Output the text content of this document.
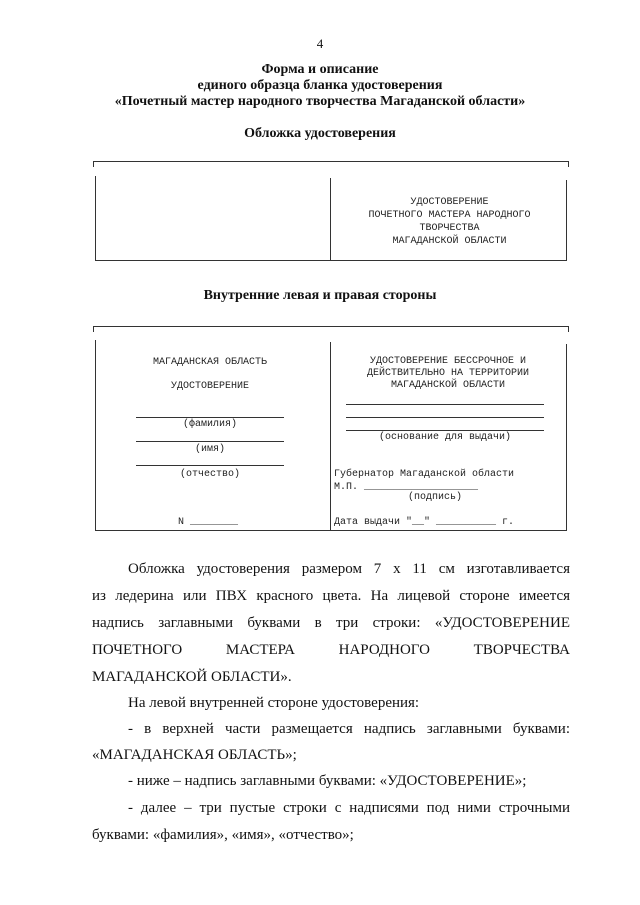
4
Форма и описание
единого образца бланка удостоверения
«Почетный мастер народного творчества Магаданской области»
Обложка удостоверения
УДОСТОВЕРЕНИЕ
ПОЧЕТНОГО МАСТЕРА НАРОДНОГО
ТВОРЧЕСТВА
МАГАДАНСКОЙ ОБЛАСТИ
Внутренние левая и правая стороны
МАГАДАНСКАЯ ОБЛАСТЬ
УДОСТОВЕРЕНИЕ
(фамилия)
(имя)
(отчество)
N ________
УДОСТОВЕРЕНИЕ БЕССРОЧНОЕ И
ДЕЙСТВИТЕЛЬНО НА ТЕРРИТОРИИ
МАГАДАНСКОЙ ОБЛАСТИ
(основание для выдачи)
Губернатор Магаданской области
М.П. ___________________
(подпись)
Дата выдачи "__" __________ г.
Обложка удостоверения размером 7 х 11 см изготавливается
из ледерина или ПВХ красного цвета. На лицевой стороне имеется
надпись заглавными буквами в три строки: «УДОСТОВЕРЕНИЕ
ПОЧЕТНОГО МАСТЕРА НАРОДНОГО ТВОРЧЕСТВА
МАГАДАНСКОЙ ОБЛАСТИ».
На левой внутренней стороне удостоверения:
- в верхней части размещается надпись заглавными буквами:
«МАГАДАНСКАЯ ОБЛАСТЬ»;
- ниже – надпись заглавными буквами: «УДОСТОВЕРЕНИЕ»;
- далее – три пустые строки с надписями под ними строчными
буквами: «фамилия», «имя», «отчество»;
